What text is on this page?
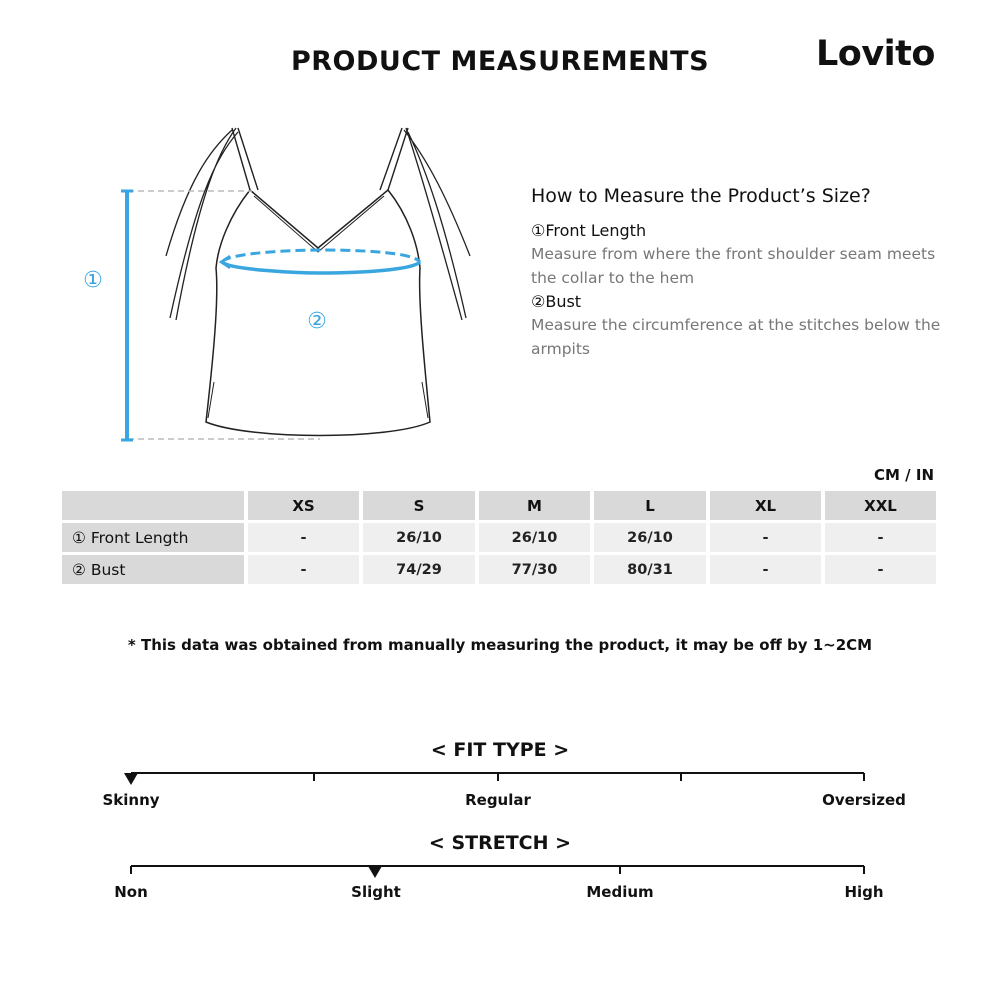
PRODUCT MEASUREMENTS	Lovito
①
②
How to Measure the Product’s Size?
①Front Length
Measure from where the front shoulder seam meets the collar to the hem
②Bust
Measure the circumference at the stitches below the armpits
CM / IN
	XS	S	M	L	XL	XXL
① Front Length	-	26/10	26/10	26/10	-	-
② Bust	-	74/29	77/30	80/31	-	-
* This data was obtained from manually measuring the product, it may be off by 1~2CM
< FIT TYPE >
Skinny	Regular	Oversized
< STRETCH >
Non	Slight	Medium	High
